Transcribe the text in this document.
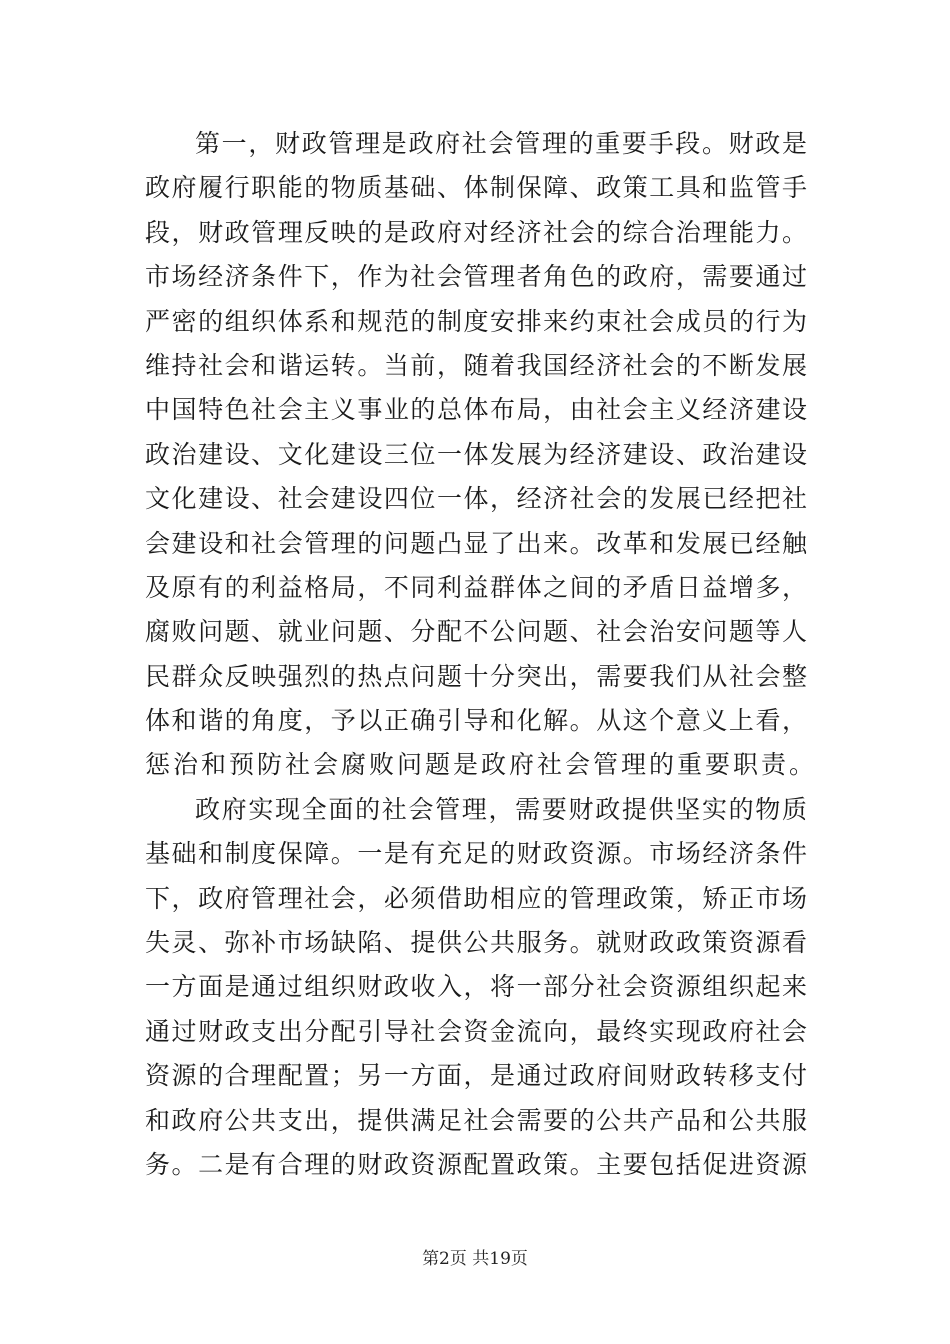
第一，财政管理是政府社会管理的重要手段。财政是
政府履行职能的物质基础、体制保障、政策工具和监管手
段，财政管理反映的是政府对经济社会的综合治理能力。
市场经济条件下，作为社会管理者角色的政府，需要通过
严密的组织体系和规范的制度安排来约束社会成员的行为
维持社会和谐运转。当前，随着我国经济社会的不断发展
中国特色社会主义事业的总体布局，由社会主义经济建设
政治建设、文化建设三位一体发展为经济建设、政治建设
文化建设、社会建设四位一体，经济社会的发展已经把社
会建设和社会管理的问题凸显了出来。改革和发展已经触
及原有的利益格局，不同利益群体之间的矛盾日益增多，
腐败问题、就业问题、分配不公问题、社会治安问题等人
民群众反映强烈的热点问题十分突出，需要我们从社会整
体和谐的角度，予以正确引导和化解。从这个意义上看，
惩治和预防社会腐败问题是政府社会管理的重要职责。
政府实现全面的社会管理，需要财政提供坚实的物质
基础和制度保障。一是有充足的财政资源。市场经济条件
下，政府管理社会，必须借助相应的管理政策，矫正市场
失灵、弥补市场缺陷、提供公共服务。就财政政策资源看
一方面是通过组织财政收入，将一部分社会资源组织起来
通过财政支出分配引导社会资金流向，最终实现政府社会
资源的合理配置；另一方面，是通过政府间财政转移支付
和政府公共支出，提供满足社会需要的公共产品和公共服
务。二是有合理的财政资源配置政策。主要包括促进资源
第2页 共19页
